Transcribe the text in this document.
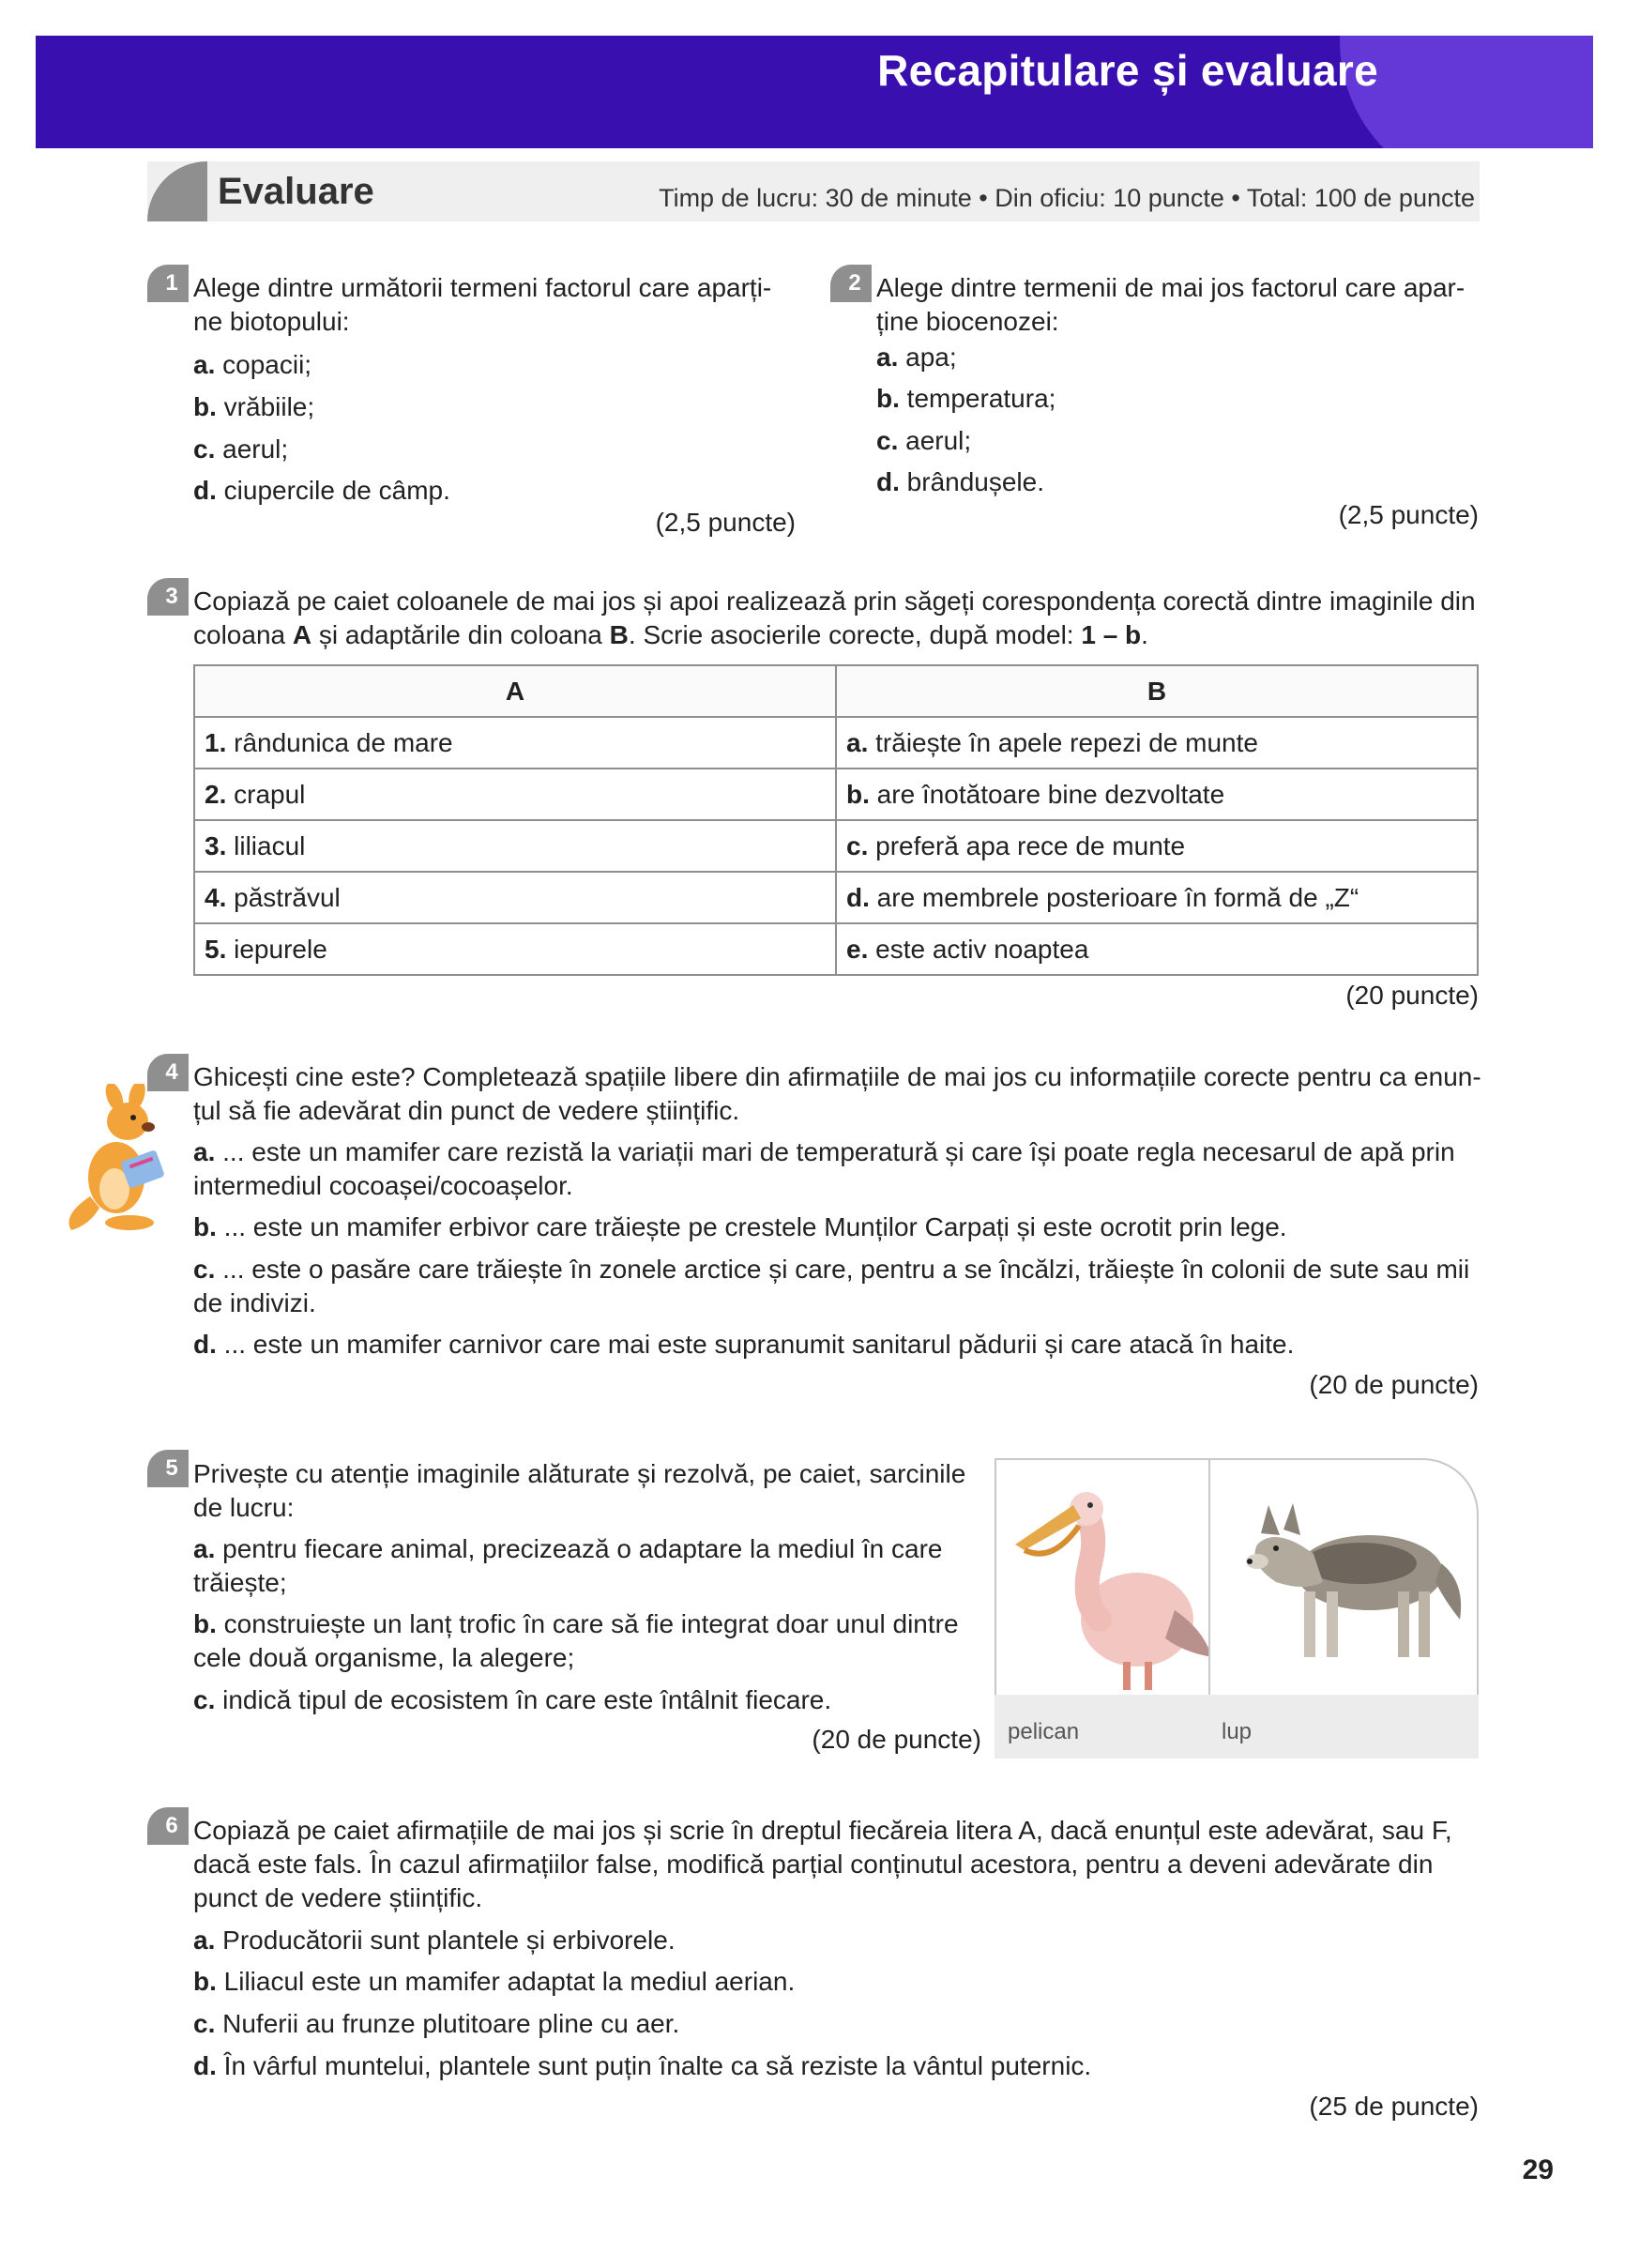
Recapitulare și evaluare
Evaluare	Timp de lucru: 30 de minute • Din oficiu: 10 puncte • Total: 100 de puncte
1 Alege dintre următorii termeni factorul care aparți-
ne biotopului:
a. copacii;
b. vrăbiile;
c. aerul;
d. ciupercile de câmp.
(2,5 puncte)
2 Alege dintre termenii de mai jos factorul care apar-
ține biocenozei:
a. apa;
b. temperatura;
c. aerul;
d. brândușele.
(2,5 puncte)
3 Copiază pe caiet coloanele de mai jos și apoi realizează prin săgeți corespondența corectă dintre imaginile din
coloana A și adaptările din coloana B. Scrie asocierile corecte, după model: 1 – b.
A	B
1. rândunica de mare	a. trăiește în apele repezi de munte
2. crapul	b. are înotătoare bine dezvoltate
3. liliacul	c. preferă apa rece de munte
4. păstrăvul	d. are membrele posterioare în formă de „Z“
5. iepurele	e. este activ noaptea
(20 puncte)
4 Ghicești cine este? Completează spațiile libere din afirmațiile de mai jos cu informațiile corecte pentru ca enun-
țul să fie adevărat din punct de vedere științific.
a. ... este un mamifer care rezistă la variații mari de temperatură și care își poate regla necesarul de apă prin
intermediul cocoașei/cocoașelor.
b. ... este un mamifer erbivor care trăiește pe crestele Munților Carpați și este ocrotit prin lege.
c. ... este o pasăre care trăiește în zonele arctice și care, pentru a se încălzi, trăiește în colonii de sute sau mii
de indivizi.
d. ... este un mamifer carnivor care mai este supranumit sanitarul pădurii și care atacă în haite.
(20 de puncte)
5 Privește cu atenție imaginile alăturate și rezolvă, pe caiet, sarcinile
de lucru:
a. pentru fiecare animal, precizează o adaptare la mediul în care
trăiește;
b. construiește un lanț trofic în care să fie integrat doar unul dintre
cele două organisme, la alegere;
c. indică tipul de ecosistem în care este întâlnit fiecare.
(20 de puncte)	pelican	lup
6 Copiază pe caiet afirmațiile de mai jos și scrie în dreptul fiecăreia litera A, dacă enunțul este adevărat, sau F,
dacă este fals. În cazul afirmațiilor false, modifică parțial conținutul acestora, pentru a deveni adevărate din
punct de vedere științific.
a. Producătorii sunt plantele și erbivorele.
b. Liliacul este un mamifer adaptat la mediul aerian.
c. Nuferii au frunze plutitoare pline cu aer.
d. În vârful muntelui, plantele sunt puțin înalte ca să reziste la vântul puternic.
(25 de puncte)
29
